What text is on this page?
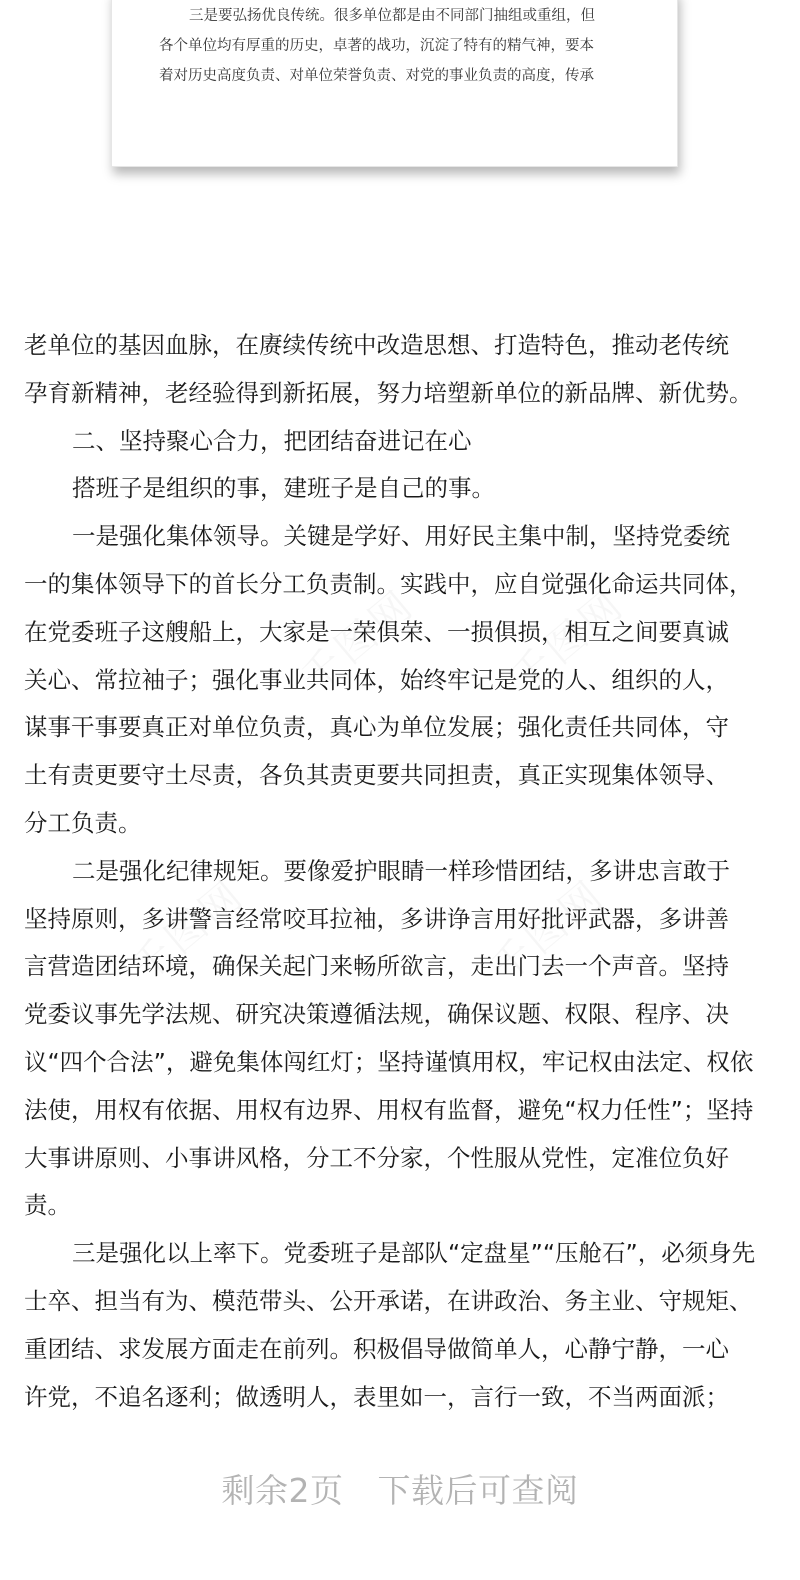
三是要弘扬优良传统。很多单位都是由不同部门抽组或重组，但
各个单位均有厚重的历史，卓著的战功，沉淀了特有的精气神，要本
着对历史高度负责、对单位荣誉负责、对党的事业负责的高度，传承
老单位的基因血脉，在赓续传统中改造思想、打造特色，推动老传统
孕育新精神，老经验得到新拓展，努力培塑新单位的新品牌、新优势。
二、坚持聚心合力，把团结奋进记在心
搭班子是组织的事，建班子是自己的事。
一是强化集体领导。关键是学好、用好民主集中制，坚持党委统
一的集体领导下的首长分工负责制。实践中，应自觉强化命运共同体，
在党委班子这艘船上，大家是一荣俱荣、一损俱损，相互之间要真诚
关心、常拉袖子；强化事业共同体，始终牢记是党的人、组织的人，
谋事干事要真正对单位负责，真心为单位发展；强化责任共同体，守
土有责更要守土尽责，各负其责更要共同担责，真正实现集体领导、
分工负责。
二是强化纪律规矩。要像爱护眼睛一样珍惜团结，多讲忠言敢于
坚持原则，多讲警言经常咬耳拉袖，多讲诤言用好批评武器，多讲善
言营造团结环境，确保关起门来畅所欲言，走出门去一个声音。坚持
党委议事先学法规、研究决策遵循法规，确保议题、权限、程序、决
议“四个合法”，避免集体闯红灯；坚持谨慎用权，牢记权由法定、权依
法使，用权有依据、用权有边界、用权有监督，避免“权力任性”；坚持
大事讲原则、小事讲风格，分工不分家，个性服从党性，定准位负好
责。
三是强化以上率下。党委班子是部队“定盘星”“压舱石”，必须身先
士卒、担当有为、模范带头、公开承诺，在讲政治、务主业、守规矩、
重团结、求发展方面走在前列。积极倡导做简单人，心静宁静，一心
许党，不追名逐利；做透明人，表里如一，言行一致，不当两面派；
剩余2页 下载后可查阅
